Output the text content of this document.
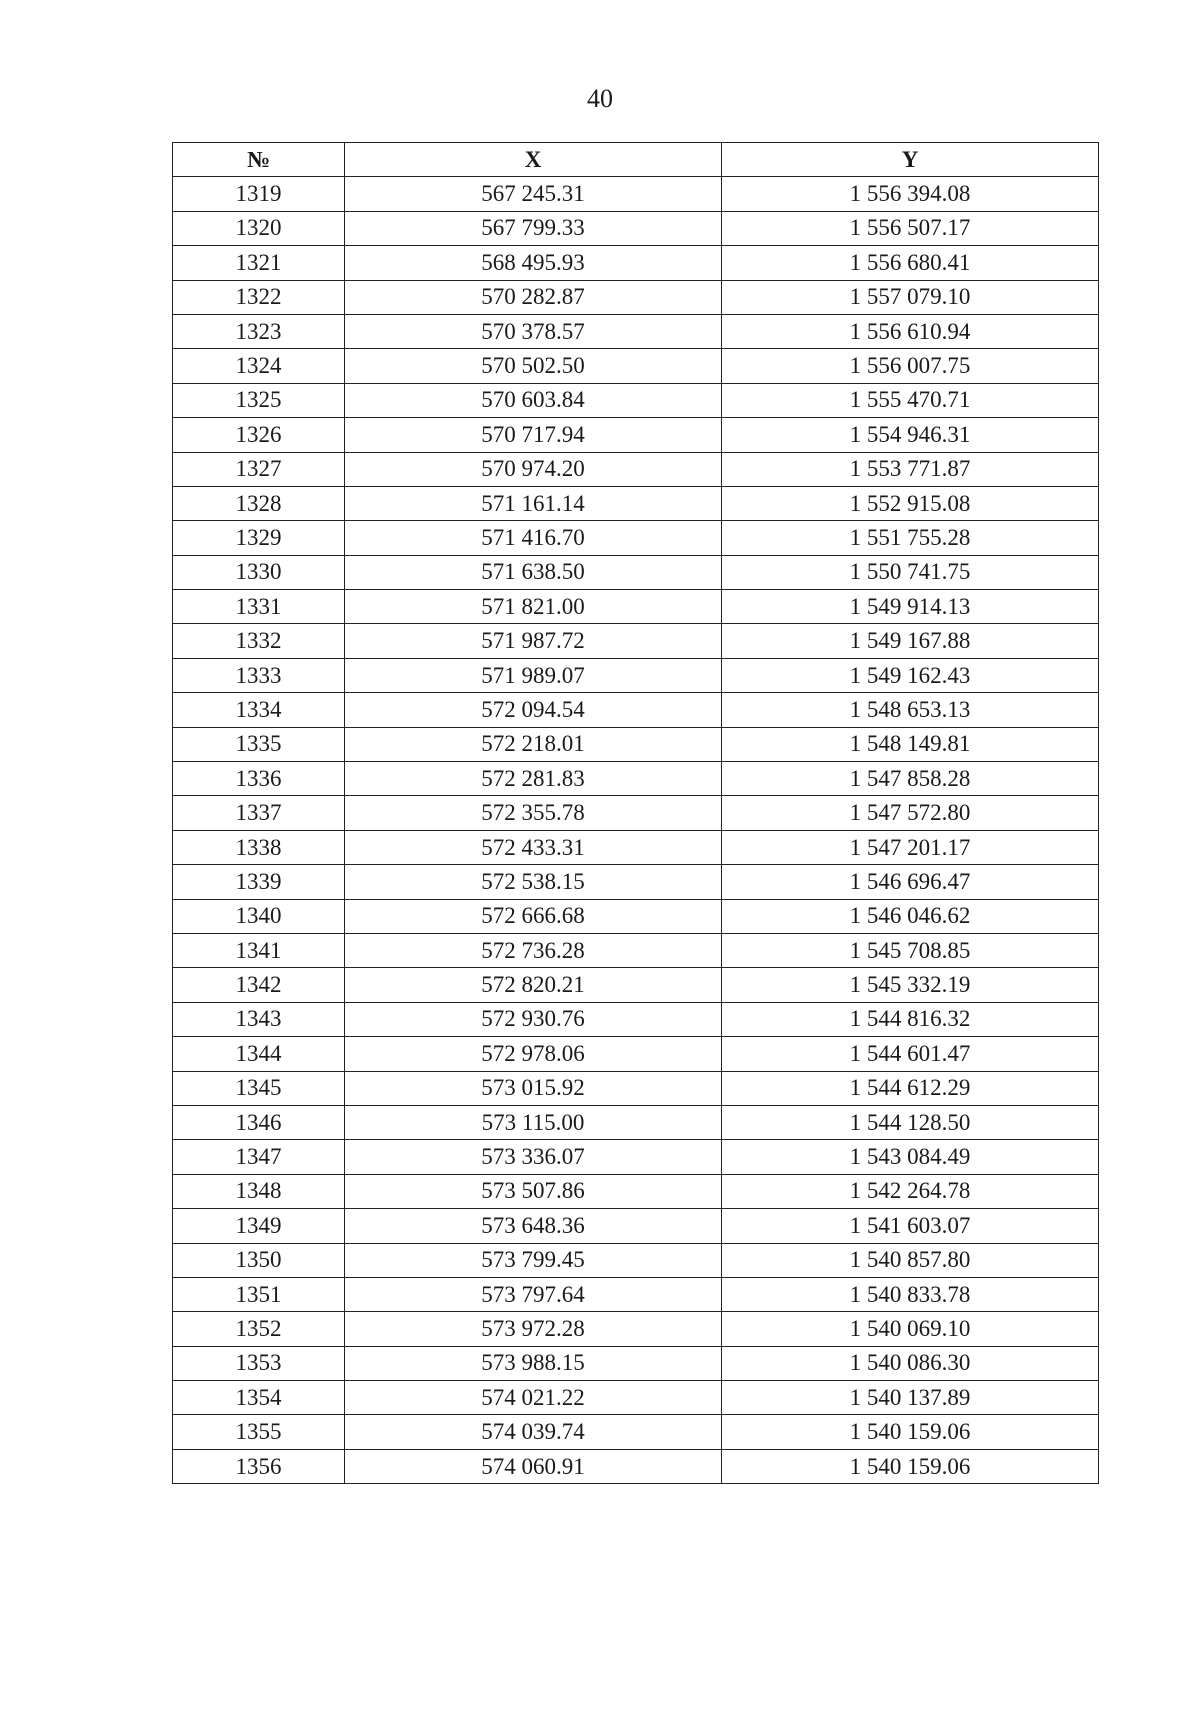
40
№	X	Y
1319	567 245.31	1 556 394.08
1320	567 799.33	1 556 507.17
1321	568 495.93	1 556 680.41
1322	570 282.87	1 557 079.10
1323	570 378.57	1 556 610.94
1324	570 502.50	1 556 007.75
1325	570 603.84	1 555 470.71
1326	570 717.94	1 554 946.31
1327	570 974.20	1 553 771.87
1328	571 161.14	1 552 915.08
1329	571 416.70	1 551 755.28
1330	571 638.50	1 550 741.75
1331	571 821.00	1 549 914.13
1332	571 987.72	1 549 167.88
1333	571 989.07	1 549 162.43
1334	572 094.54	1 548 653.13
1335	572 218.01	1 548 149.81
1336	572 281.83	1 547 858.28
1337	572 355.78	1 547 572.80
1338	572 433.31	1 547 201.17
1339	572 538.15	1 546 696.47
1340	572 666.68	1 546 046.62
1341	572 736.28	1 545 708.85
1342	572 820.21	1 545 332.19
1343	572 930.76	1 544 816.32
1344	572 978.06	1 544 601.47
1345	573 015.92	1 544 612.29
1346	573 115.00	1 544 128.50
1347	573 336.07	1 543 084.49
1348	573 507.86	1 542 264.78
1349	573 648.36	1 541 603.07
1350	573 799.45	1 540 857.80
1351	573 797.64	1 540 833.78
1352	573 972.28	1 540 069.10
1353	573 988.15	1 540 086.30
1354	574 021.22	1 540 137.89
1355	574 039.74	1 540 159.06
1356	574 060.91	1 540 159.06
